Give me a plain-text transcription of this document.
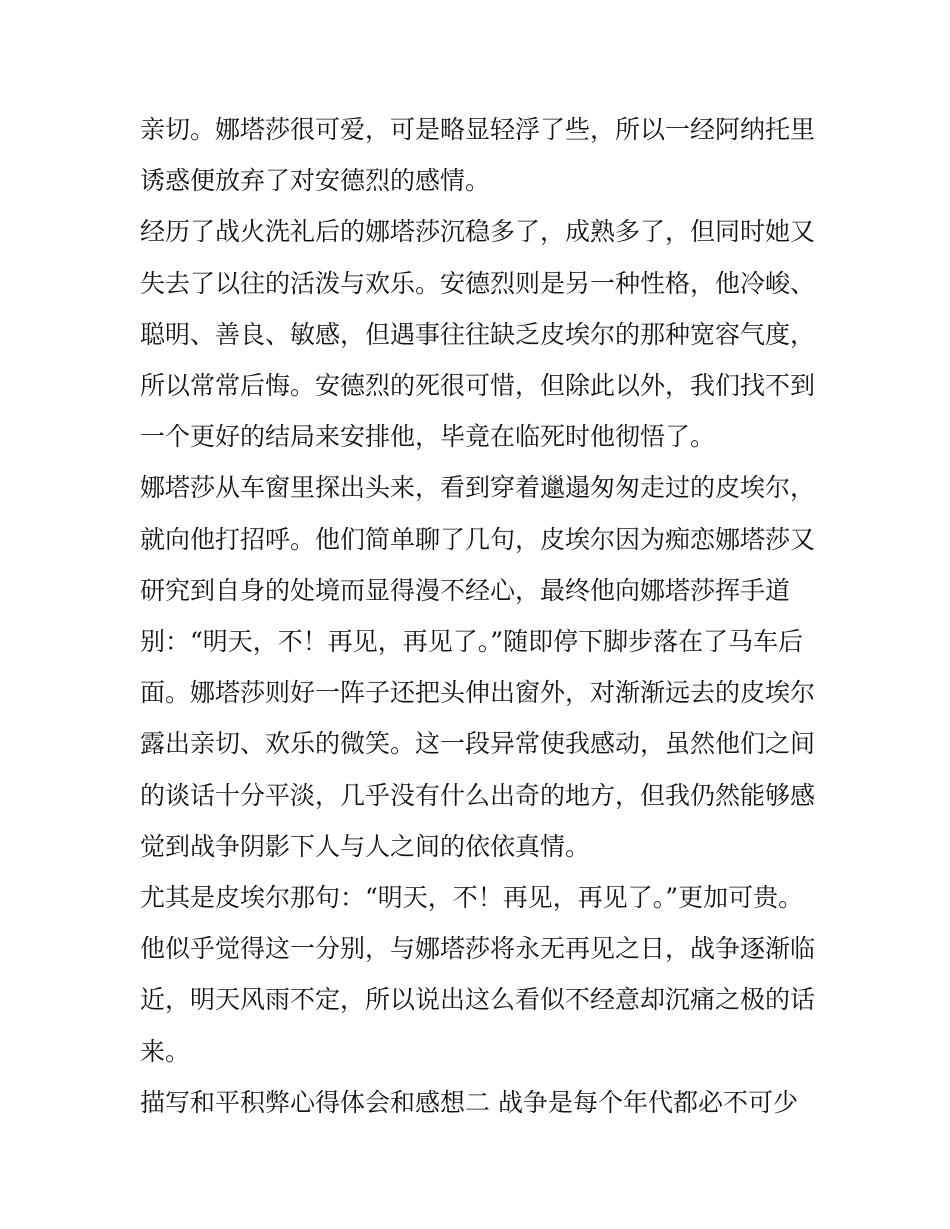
亲切。娜塔莎很可爱，可是略显轻浮了些，所以一经阿纳托里
诱惑便放弃了对安德烈的感情。

经历了战火洗礼后的娜塔莎沉稳多了，成熟多了，但同时她又
失去了以往的活泼与欢乐。安德烈则是另一种性格，他冷峻、
聪明、善良、敏感，但遇事往往缺乏皮埃尔的那种宽容气度，
所以常常后悔。安德烈的死很可惜，但除此以外，我们找不到
一个更好的结局来安排他，毕竟在临死时他彻悟了。

娜塔莎从车窗里探出头来，看到穿着邋遢匆匆走过的皮埃尔，
就向他打招呼。他们简单聊了几句，皮埃尔因为痴恋娜塔莎又
研究到自身的处境而显得漫不经心，最终他向娜塔莎挥手道
别：“明天，不！再见，再见了。”随即停下脚步落在了马车后
面。娜塔莎则好一阵子还把头伸出窗外，对渐渐远去的皮埃尔
露出亲切、欢乐的微笑。这一段异常使我感动，虽然他们之间
的谈话十分平淡，几乎没有什么出奇的地方，但我仍然能够感
觉到战争阴影下人与人之间的依依真情。

尤其是皮埃尔那句：“明天，不！再见，再见了。”更加可贵。
他似乎觉得这一分别，与娜塔莎将永无再见之日，战争逐渐临
近，明天风雨不定，所以说出这么看似不经意却沉痛之极的话
来。

描写和平积弊心得体会和感想二 战争是每个年代都必不可少
